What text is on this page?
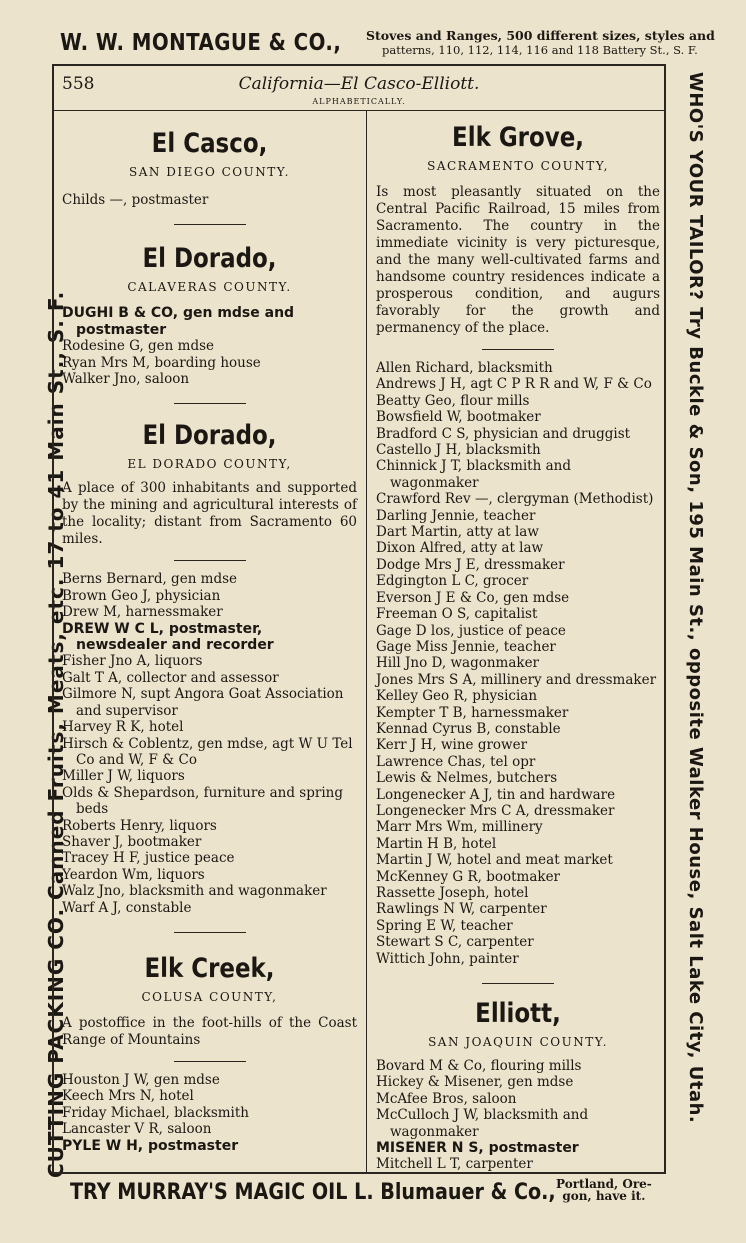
W. W. MONTAGUE & CO., Stoves and Ranges, 500 different sizes, styles and
patterns, 110, 112, 114, 116 and 118 Battery St., S. F.
CUTTING PACKING CO. Canned Fruits, Meats, etc. 17 to 41 Main St., S. F.	WHO'S YOUR TAILOR? Try Buckle & Son, 195 Main St., opposite Walker House, Salt Lake City, Utah.
558	California—El Casco-Elliott.
ALPHABETICALLY.
El Casco,
SAN DIEGO COUNTY.
Childs —, postmaster
El Dorado,
CALAVERAS COUNTY.
DUGHI B & CO, gen mdse and postmaster
Rodesine G, gen mdse
Ryan Mrs M, boarding house
Walker Jno, saloon
El Dorado,
EL DORADO COUNTY,

A place of 300 inhabitants and supported by the mining and agricultural interests of the locality; distant from Sacramento 60 miles.

Berns Bernard, gen mdse
Brown Geo J, physician
Drew M, harnessmaker
DREW W C L, postmaster, newsdealer and recorder
Fisher Jno A, liquors
Galt T A, collector and assessor
Gilmore N, supt Angora Goat Association and supervisor
Harvey R K, hotel
Hirsch & Coblentz, gen mdse, agt W U Tel Co and W, F & Co
Miller J W, liquors
Olds & Shepardson, furniture and spring beds
Roberts Henry, liquors
Shaver J, bootmaker
Tracey H F, justice peace
Yeardon Wm, liquors
Walz Jno, blacksmith and wagonmaker
Warf A J, constable
Elk Creek,
COLUSA COUNTY,

A postoffice in the foot-hills of the Coast Range of Mountains

Houston J W, gen mdse
Keech Mrs N, hotel
Friday Michael, blacksmith
Lancaster V R, saloon
PYLE W H, postmaster
Elk Grove,
SACRAMENTO COUNTY,

Is most pleasantly situated on the Central Pacific Railroad, 15 miles from Sacramento. The country in the immediate vicinity is very picturesque, and the many well-cultivated farms and handsome country residences indicate a prosperous condition, and augurs favorably for the growth and permanency of the place.

Allen Richard, blacksmith
Andrews J H, agt C P R R and W, F & Co
Beatty Geo, flour mills
Bowsfield W, bootmaker
Bradford C S, physician and druggist
Castello J H, blacksmith
Chinnick J T, blacksmith and wagonmaker
Crawford Rev —, clergyman (Methodist)
Darling Jennie, teacher
Dart Martin, atty at law
Dixon Alfred, atty at law
Dodge Mrs J E, dressmaker
Edgington L C, grocer
Everson J E & Co, gen mdse
Freeman O S, capitalist
Gage D los, justice of peace
Gage Miss Jennie, teacher
Hill Jno D, wagonmaker
Jones Mrs S A, millinery and dressmaker
Kelley Geo R, physician
Kempter T B, harnessmaker
Kennad Cyrus B, constable
Kerr J H, wine grower
Lawrence Chas, tel opr
Lewis & Nelmes, butchers
Longenecker A J, tin and hardware
Longenecker Mrs C A, dressmaker
Marr Mrs Wm, millinery
Martin H B, hotel
Martin J W, hotel and meat market
McKenney G R, bootmaker
Rassette Joseph, hotel
Rawlings N W, carpenter
Spring E W, teacher
Stewart S C, carpenter
Wittich John, painter
Elliott,
SAN JOAQUIN COUNTY.
Bovard M & Co, flouring mills
Hickey & Misener, gen mdse
McAfee Bros, saloon
McCulloch J W, blacksmith and wagonmaker
MISENER N S, postmaster
Mitchell L T, carpenter
TRY MURRAY'S MAGIC OIL L. Blumauer & Co., Portland, Ore-
gon, have it.
